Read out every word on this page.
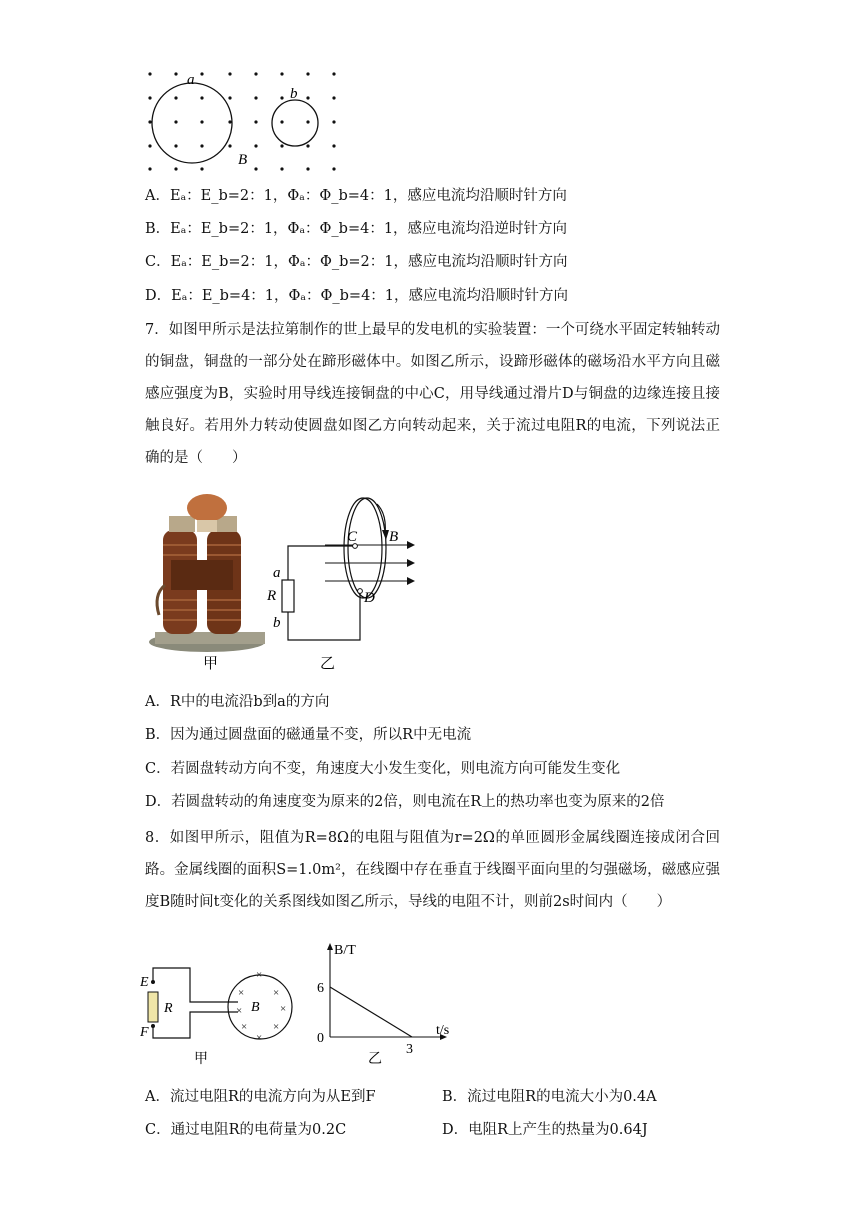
a
b
B
A．Eₐ：E_b=2：1，Φₐ：Φ_b=4：1，感应电流均沿顺时针方向
B．Eₐ：E_b=2：1，Φₐ：Φ_b=4：1，感应电流均沿逆时针方向
C．Eₐ：E_b=2：1，Φₐ：Φ_b=2：1，感应电流均沿顺时针方向
D．Eₐ：E_b=4：1，Φₐ：Φ_b=4：1，感应电流均沿顺时针方向
7．如图甲所示是法拉第制作的世上最早的发电机的实验装置：一个可绕水平固定转轴转动的铜盘，铜盘的一部分处在蹄形磁体中。如图乙所示，设蹄形磁体的磁场沿水平方向且磁感应强度为B，实验时用导线连接铜盘的中心C，用导线通过滑片D与铜盘的边缘连接且接触良好。若用外力转动使圆盘如图乙方向转动起来，关于流过电阻R的电流，下列说法正确的是（　　）
甲
C
D
B
a
R
b
乙
A．R中的电流沿b到a的方向
B．因为通过圆盘面的磁通量不变，所以R中无电流
C．若圆盘转动方向不变，角速度大小发生变化，则电流方向可能发生变化
D．若圆盘转动的角速度变为原来的2倍，则电流在R上的热功率也变为原来的2倍
8．如图甲所示，阻值为R=8Ω的电阻与阻值为r=2Ω的单匝圆形金属线圈连接成闭合回路。金属线圈的面积S=1.0m²，在线圈中存在垂直于线圈平面向里的匀强磁场，磁感应强度B随时间t变化的关系图线如图乙所示，导线的电阻不计，则前2s时间内（　　）
×
×	×
×	×
× ×
×
E
F
R	B
甲
B/T
t/s
6
0
3
乙
A．流过电阻R的电流方向为从E到F	B．流过电阻R的电流大小为0.4A
C．通过电阻R的电荷量为0.2C	D．电阻R上产生的热量为0.64J
